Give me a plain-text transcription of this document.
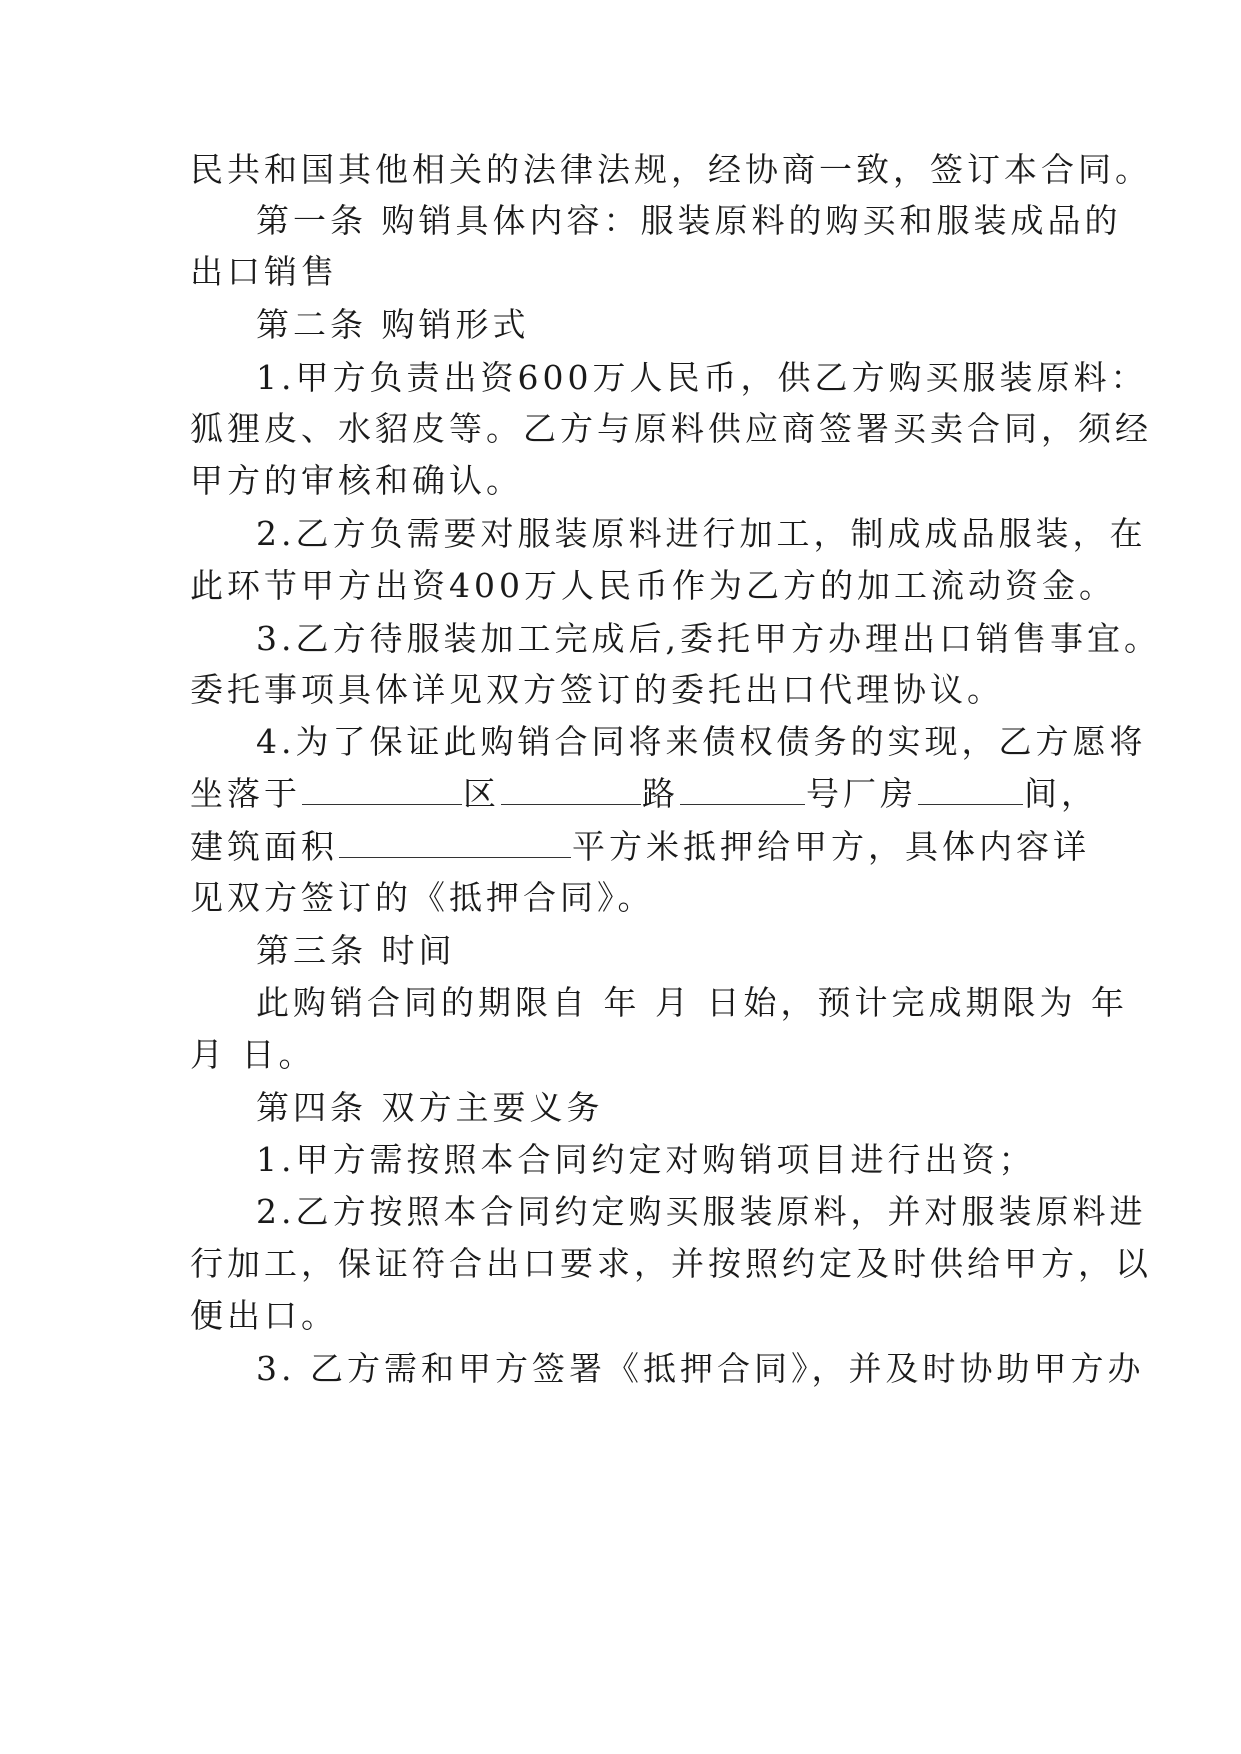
民共和国其他相关的法律法规，经协商一致，签订本合同。
第一条 购销具体内容：服装原料的购买和服装成品的
出口销售
第二条 购销形式
1.甲方负责出资600万人民币，供乙方购买服装原料：
狐狸皮、水貂皮等。乙方与原料供应商签署买卖合同，须经
甲方的审核和确认。
2.乙方负需要对服装原料进行加工，制成成品服装，在
此环节甲方出资400万人民币作为乙方的加工流动资金。
3.乙方待服装加工完成后,委托甲方办理出口销售事宜。
委托事项具体详见双方签订的委托出口代理协议。
4.为了保证此购销合同将来债权债务的实现，乙方愿将
坐落于	区	路	号厂房	间，
建筑面积	平方米抵押给甲方，具体内容详
见双方签订的《抵押合同》。
第三条 时间
此购销合同的期限自 年 月 日始，预计完成期限为 年
月 日。
第四条 双方主要义务
1.甲方需按照本合同约定对购销项目进行出资；
2.乙方按照本合同约定购买服装原料，并对服装原料进
行加工，保证符合出口要求，并按照约定及时供给甲方，以
便出口。
3. 乙方需和甲方签署《抵押合同》，并及时协助甲方办
